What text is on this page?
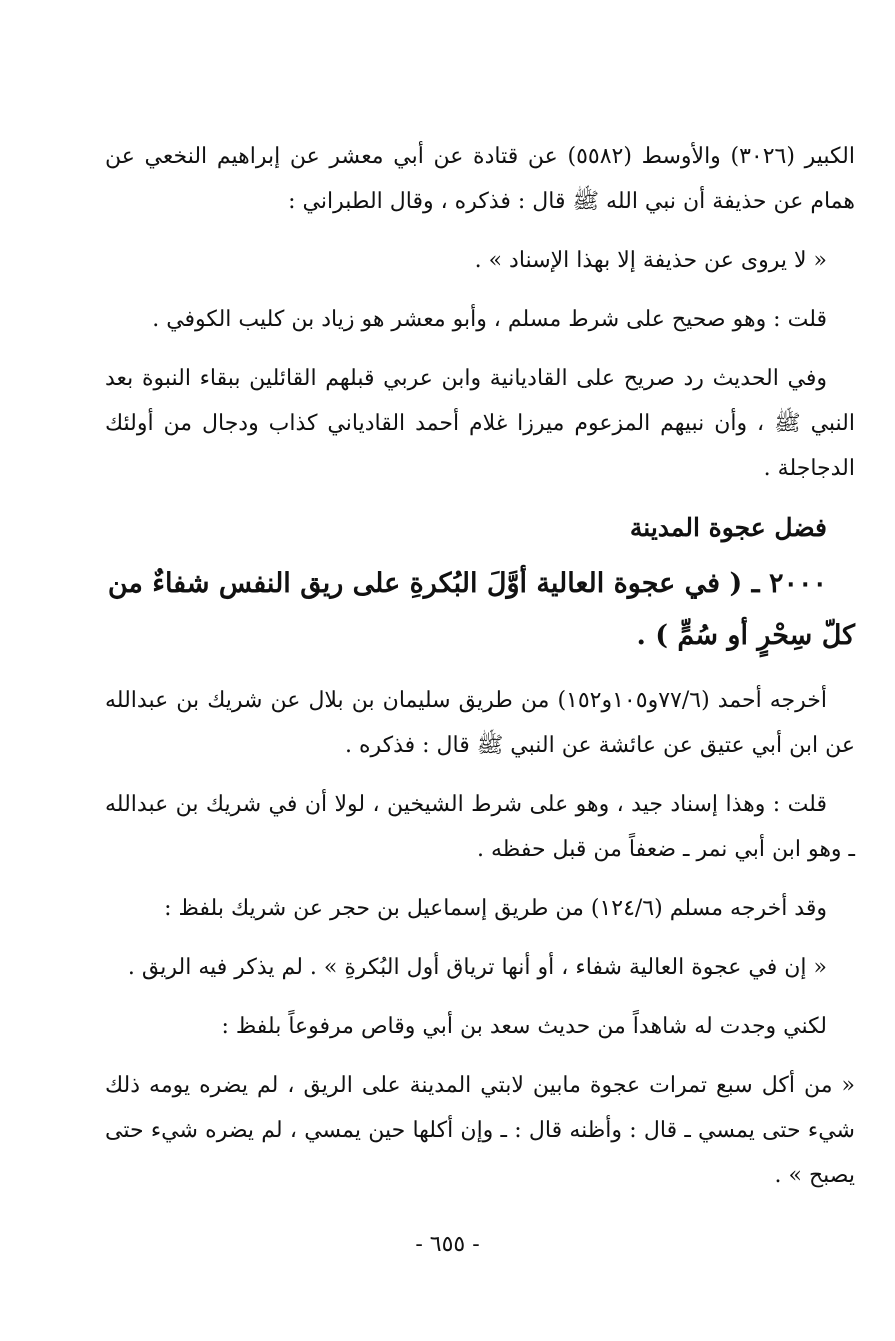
الكبير (٣٠٢٦) والأوسط (٥٥٨٢) عن قتادة عن أبي معشر عن إبراهيم النخعي عن همام عن حذيفة أن نبي الله ﷺ قال : فذكره ، وقال الطبراني :

« لا يروى عن حذيفة إلا بهذا الإسناد » .

قلت : وهو صحيح على شرط مسلم ، وأبو معشر هو زياد بن كليب الكوفي .

وفي الحديث رد صريح على القاديانية وابن عربي قبلهم القائلين ببقاء النبوة بعد النبي ﷺ ، وأن نبيهم المزعوم ميرزا غلام أحمد القادياني كذاب ودجال من أولئك الدجاجلة .

فضل عجوة المدينة

٢٠٠٠ ـ ( في عجوة العالية أوَّلَ البُكرةِ على ريق النفس شفاءٌ من كلّ سِحْرٍ أو سُمٍّ ) .

أخرجه أحمد (٧٧/٦و١٠٥و١٥٢) من طريق سليمان بن بلال عن شريك بن عبدالله عن ابن أبي عتيق عن عائشة عن النبي ﷺ قال : فذكره .

قلت : وهذا إسناد جيد ، وهو على شرط الشيخين ، لولا أن في شريك بن عبدالله ـ وهو ابن أبي نمر ـ ضعفاً من قبل حفظه .

وقد أخرجه مسلم (١٢٤/٦) من طريق إسماعيل بن حجر عن شريك بلفظ :

« إن في عجوة العالية شفاء ، أو أنها ترياق أول البُكرةِ » . لم يذكر فيه الريق .

لكني وجدت له شاهداً من حديث سعد بن أبي وقاص مرفوعاً بلفظ :

« من أكل سبع تمرات عجوة مابين لابتي المدينة على الريق ، لم يضره يومه ذلك شيء حتى يمسي ـ قال : وأظنه قال : ـ وإن أكلها حين يمسي ، لم يضره شيء حتى يصبح » .

- ٦٥٥ -
